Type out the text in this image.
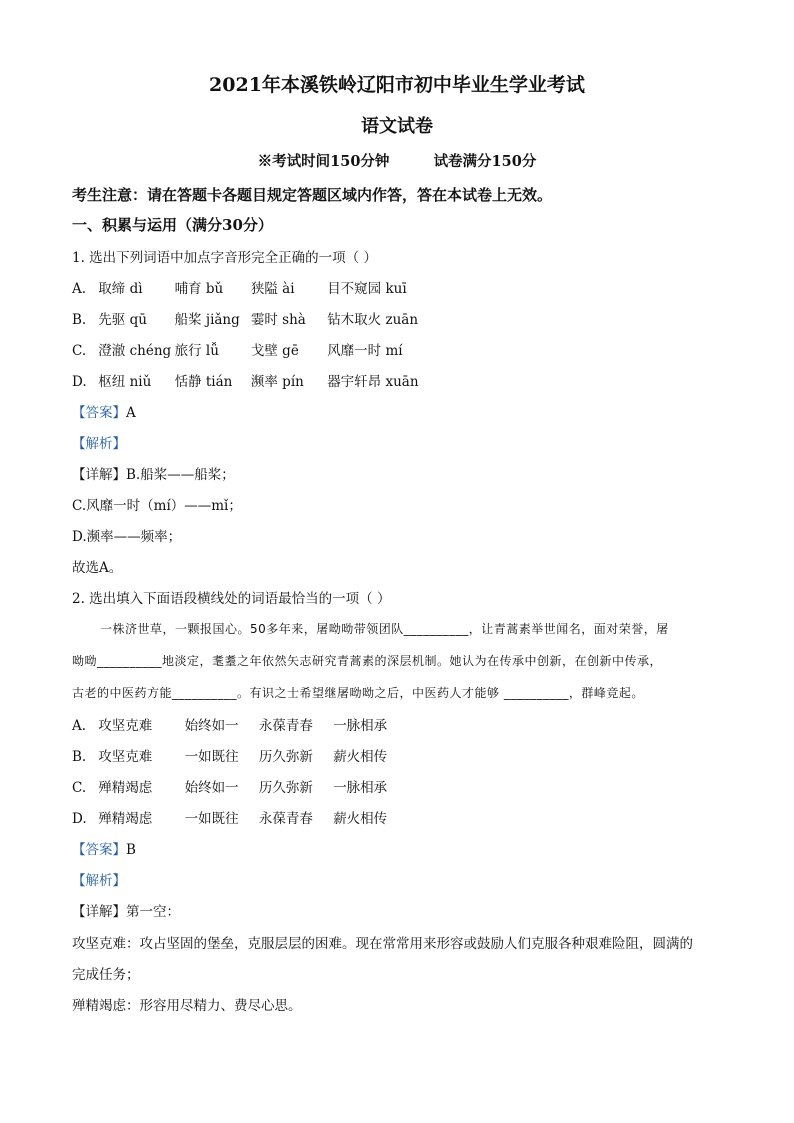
2021年本溪铁岭辽阳市初中毕业生学业考试
语文试卷
※考试时间150分钟	试卷满分150分
考生注意：请在答题卡各题目规定答题区域内作答，答在本试卷上无效。
一、积累与运用（满分30分）
1. 选出下列词语中加点字音形完全正确的一项（ ）
A. 取缔 dì 哺育 bǔ 狭隘 ài 目不窥园 kuī
B. 先驱 qū 船桨 jiǎng 霎时 shà 钻木取火 zuān
C. 澄澈 chéng 旅行 lǚ 戈壁 gē 风靡一时 mí
D. 枢纽 niǔ 恬静 tián 濒率 pín 器宇轩昂 xuān
【答案】A
【解析】
【详解】B.船桨——船桨；
C.风靡一时（mí）——mǐ；
D.濒率——频率；
故选A。
2. 选出填入下面语段横线处的词语最恰当的一项（ ）
一株济世草，一颗报国心。50多年来，屠呦呦带领团队__________，让青蒿素举世闻名，面对荣誉，屠
呦呦__________地淡定，耄耋之年依然矢志研究青蒿素的深层机制。她认为在传承中创新，在创新中传承，
古老的中医药方能__________。有识之士希望继屠呦呦之后，中医药人才能够 __________，群峰竞起。
A. 攻坚克难 始终如一 永葆青春 一脉相承
B. 攻坚克难 一如既往 历久弥新 薪火相传
C. 殚精竭虑 始终如一 历久弥新 一脉相承
D. 殚精竭虑 一如既往 永葆青春 薪火相传
【答案】B
【解析】
【详解】第一空：
攻坚克难：攻占坚固的堡垒，克服层层的困难。现在常常用来形容或鼓励人们克服各种艰难险阻，圆满的
完成任务；
殚精竭虑：形容用尽精力、费尽心思。
